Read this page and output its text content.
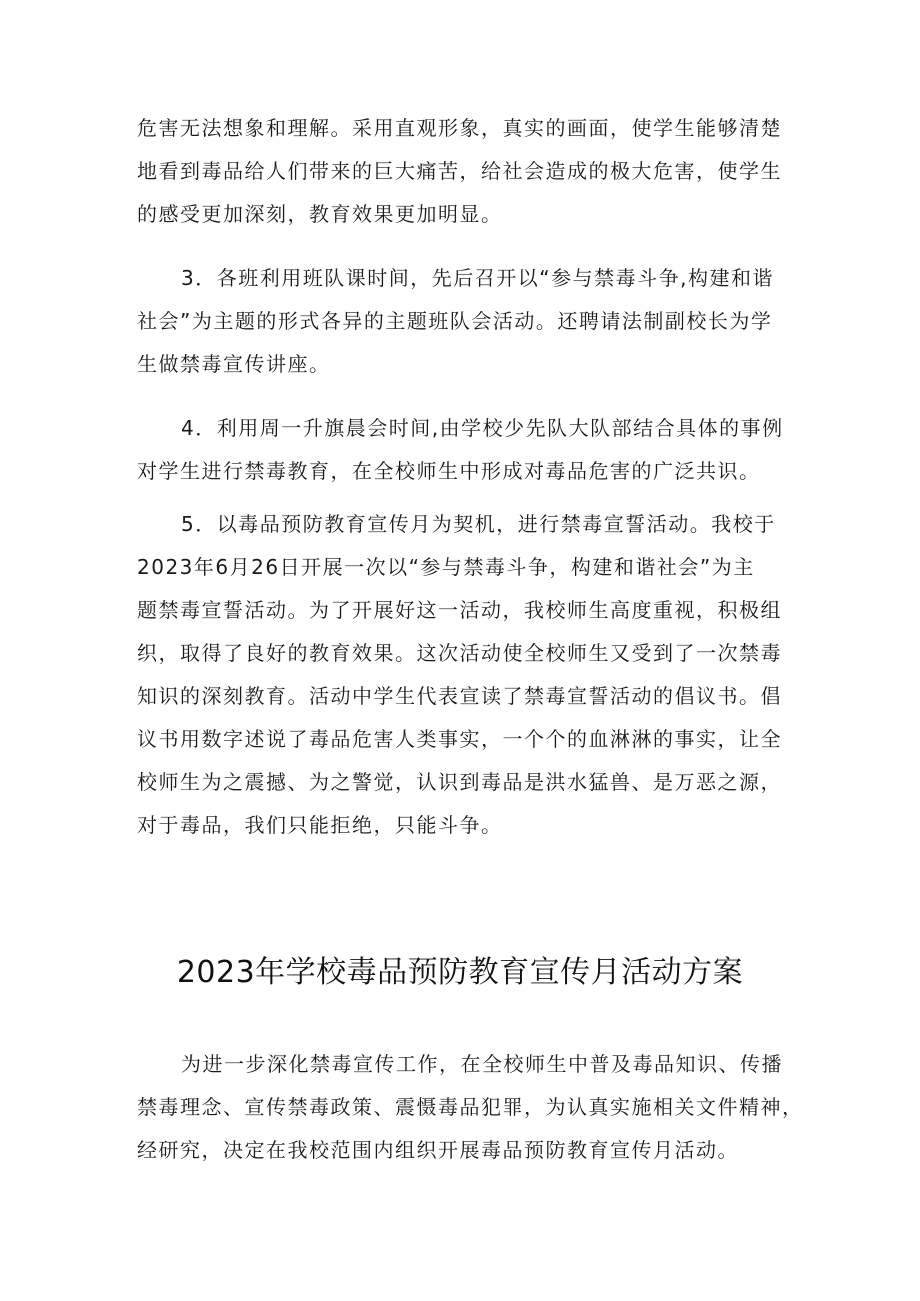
危害无法想象和理解。采用直观形象，真实的画面，使学生能够清楚
地看到毒品给人们带来的巨大痛苦，给社会造成的极大危害，使学生
的感受更加深刻，教育效果更加明显。
3．各班利用班队课时间，先后召开以“参与禁毒斗争,构建和谐
社会”为主题的形式各异的主题班队会活动。还聘请法制副校长为学
生做禁毒宣传讲座。
4．利用周一升旗晨会时间,由学校少先队大队部结合具体的事例
对学生进行禁毒教育，在全校师生中形成对毒品危害的广泛共识。
5．以毒品预防教育宣传月为契机，进行禁毒宣誓活动。我校于
2023年6月26日开展一次以“参与禁毒斗争，构建和谐社会”为主
题禁毒宣誓活动。为了开展好这一活动，我校师生高度重视，积极组
织，取得了良好的教育效果。这次活动使全校师生又受到了一次禁毒
知识的深刻教育。活动中学生代表宣读了禁毒宣誓活动的倡议书。倡
议书用数字述说了毒品危害人类事实，一个个的血淋淋的事实，让全
校师生为之震撼、为之警觉，认识到毒品是洪水猛兽、是万恶之源，
对于毒品，我们只能拒绝，只能斗争。
2023年学校毒品预防教育宣传月活动方案
为进一步深化禁毒宣传工作，在全校师生中普及毒品知识、传播
禁毒理念、宣传禁毒政策、震慑毒品犯罪，为认真实施相关文件精神，
经研究，决定在我校范围内组织开展毒品预防教育宣传月活动。
